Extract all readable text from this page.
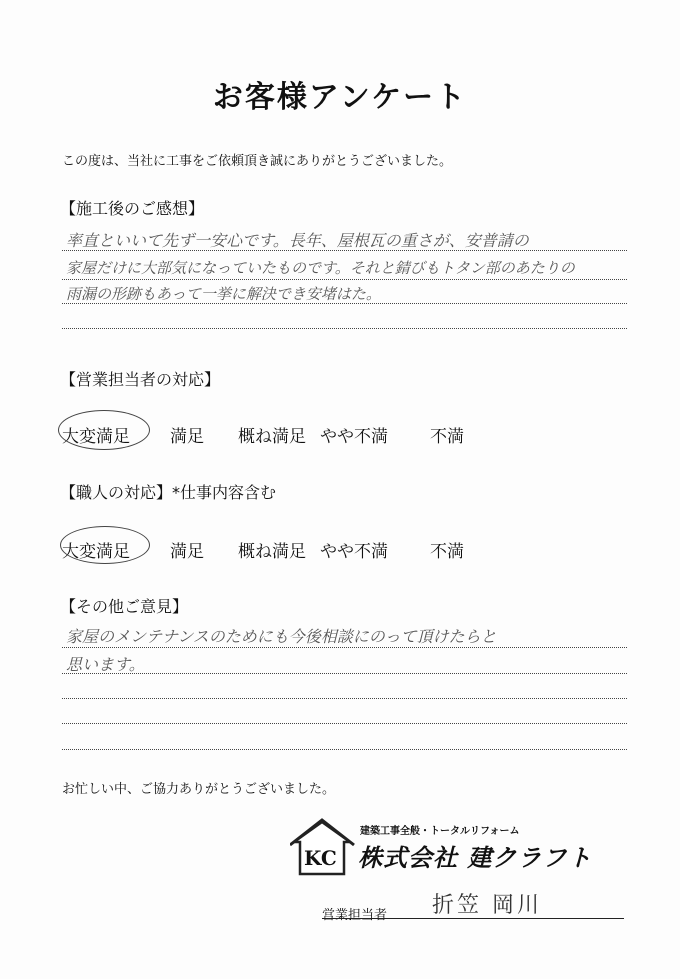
お客様アンケート
この度は、当社に工事をご依頼頂き誠にありがとうございました。
【施工後のご感想】
率直といいて先ず一安心です。長年、屋根瓦の重さが、安普請の
家屋だけに大部気になっていたものです。それと錆びもトタン部のあたりの
雨漏の形跡もあって一挙に解決でき安堵はた。
【営業担当者の対応】
大変満足 満足 概ね満足 やや不満 不満
【職人の対応】*仕事内容含む
大変満足 満足 概ね満足 やや不満 不満
【その他ご意見】
家屋のメンテナンスのためにも今後相談にのって頂けたらと
思います。
お忙しい中、ご協力ありがとうございました。
KC
建築工事全般・トータルリフォーム
株式会社 建クラフト
営業担当者 折笠 岡川
